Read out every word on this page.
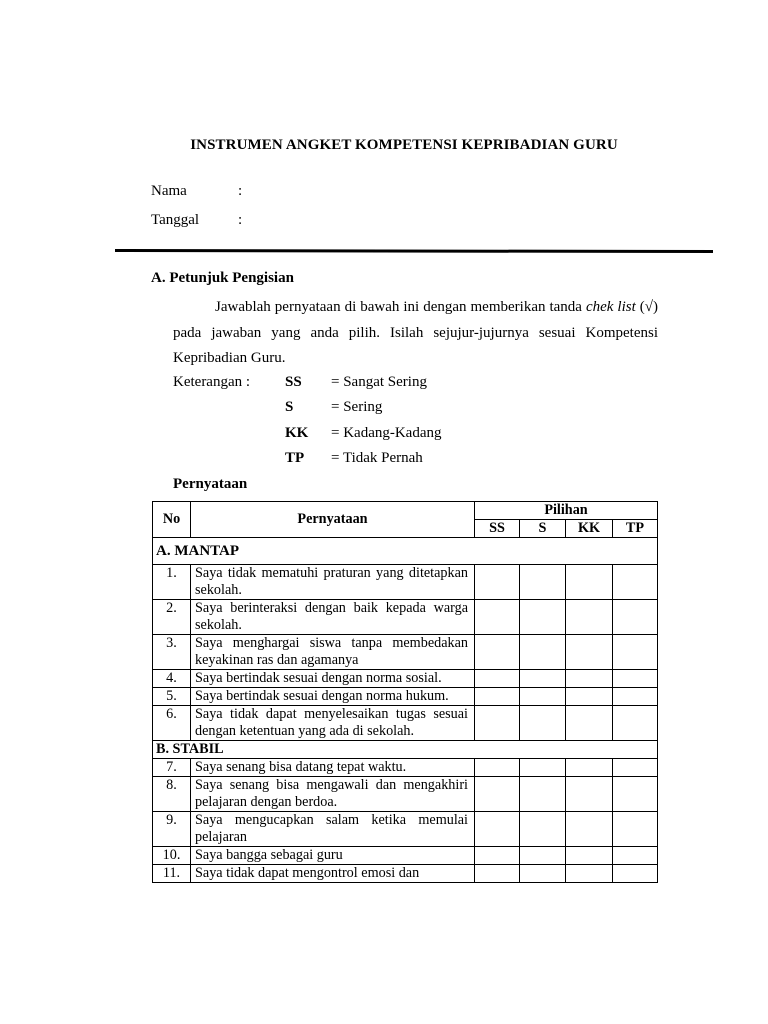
INSTRUMEN ANGKET KOMPETENSI KEPRIBADIAN GURU
Nama	:
Tanggal	:
A. Petunjuk Pengisian
Jawablah pernyataan di bawah ini dengan memberikan tanda chek list (√) pada jawaban yang anda pilih. Isilah sejujur-jujurnya sesuai Kompetensi Kepribadian Guru.
Keterangan : SS = Sangat Sering
S	= Sering
KK = Kadang-Kadang
TP = Tidak Pernah
Pernyataan
No	Pernyataan	Pilihan			
		SS	S	KK	TP
A. MANTAP					
1.	Saya tidak mematuhi praturan yang ditetapkan sekolah.				
2.	Saya berinteraksi dengan baik kepada warga sekolah.				
3.	Saya menghargai siswa tanpa membedakan keyakinan ras dan agamanya				
4.	Saya bertindak sesuai dengan norma sosial.				
5.	Saya bertindak sesuai dengan norma hukum.				
6.	Saya tidak dapat menyelesaikan tugas sesuai dengan ketentuan yang ada di sekolah.				
B. STABIL					
7.	Saya senang bisa datang tepat waktu.				
8.	Saya senang bisa mengawali dan mengakhiri pelajaran dengan berdoa.				
9.	Saya mengucapkan salam ketika memulai pelajaran				
10.	Saya bangga sebagai guru				
11.	Saya tidak dapat mengontrol emosi dan				
